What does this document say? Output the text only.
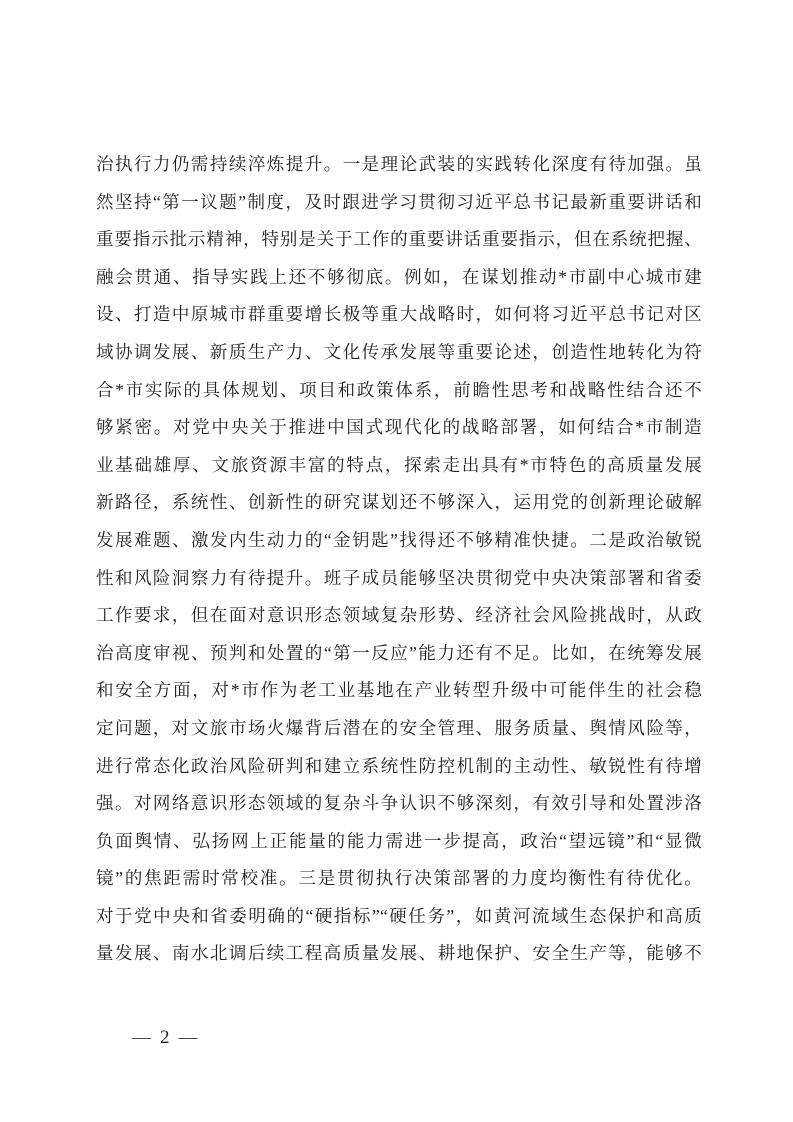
治执行力仍需持续淬炼提升。一是理论武装的实践转化深度有待加强。虽
然坚持“第一议题”制度，及时跟进学习贯彻习近平总书记最新重要讲话和
重要指示批示精神，特别是关于工作的重要讲话重要指示，但在系统把握、
融会贯通、指导实践上还不够彻底。例如，在谋划推动*市副中心城市建
设、打造中原城市群重要增长极等重大战略时，如何将习近平总书记对区
域协调发展、新质生产力、文化传承发展等重要论述，创造性地转化为符
合*市实际的具体规划、项目和政策体系，前瞻性思考和战略性结合还不
够紧密。对党中央关于推进中国式现代化的战略部署，如何结合*市制造
业基础雄厚、文旅资源丰富的特点，探索走出具有*市特色的高质量发展
新路径，系统性、创新性的研究谋划还不够深入，运用党的创新理论破解
发展难题、激发内生动力的“金钥匙”找得还不够精准快捷。二是政治敏锐
性和风险洞察力有待提升。班子成员能够坚决贯彻党中央决策部署和省委
工作要求，但在面对意识形态领域复杂形势、经济社会风险挑战时，从政
治高度审视、预判和处置的“第一反应”能力还有不足。比如，在统筹发展
和安全方面，对*市作为老工业基地在产业转型升级中可能伴生的社会稳
定问题，对文旅市场火爆背后潜在的安全管理、服务质量、舆情风险等，
进行常态化政治风险研判和建立系统性防控机制的主动性、敏锐性有待增
强。对网络意识形态领域的复杂斗争认识不够深刻，有效引导和处置涉洛
负面舆情、弘扬网上正能量的能力需进一步提高，政治“望远镜”和“显微
镜”的焦距需时常校准。三是贯彻执行决策部署的力度均衡性有待优化。
对于党中央和省委明确的“硬指标”“硬任务”，如黄河流域生态保护和高质
量发展、南水北调后续工程高质量发展、耕地保护、安全生产等，能够不
— 2 —
